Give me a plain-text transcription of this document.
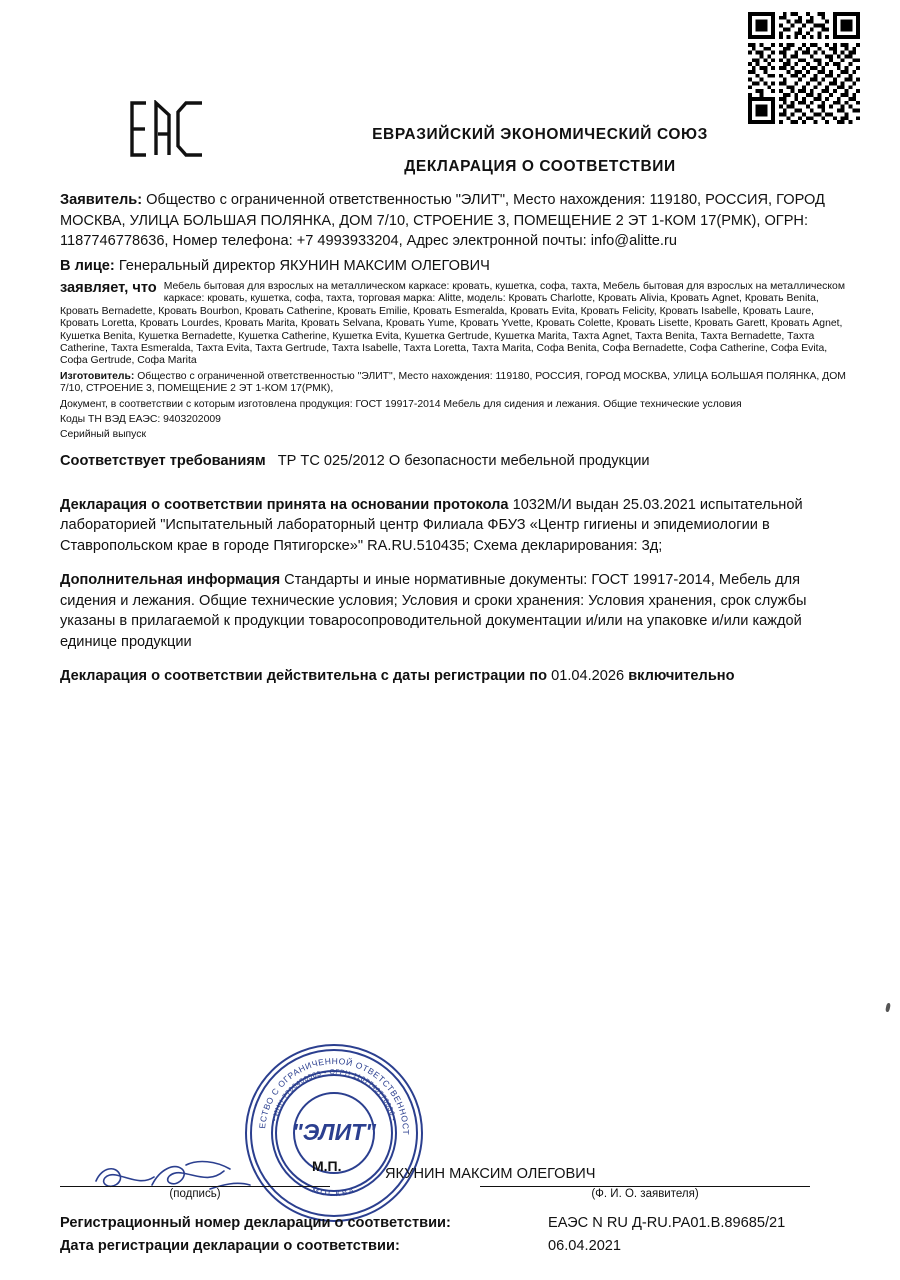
ЕВРАЗИЙСКИЙ ЭКОНОМИЧЕСКИЙ СОЮЗ
ДЕКЛАРАЦИЯ О СООТВЕТСТВИИ

Заявитель: Общество с ограниченной ответственностью "ЭЛИТ", Место нахождения: 119180, РОССИЯ, ГОРОД МОСКВА, УЛИЦА БОЛЬШАЯ ПОЛЯНКА, ДОМ 7/10, СТРОЕНИЕ 3, ПОМЕЩЕНИЕ 2 ЭТ 1-КОМ 17(РМК), ОГРН: 1187746778636, Номер телефона: +7 4993933204, Адрес электронной почты: info@alitte.ru

В лице: Генеральный директор ЯКУНИН МАКСИМ ОЛЕГОВИЧ

заявляет, что Мебель бытовая для взрослых на металлическом каркасе: кровать, кушетка, софа, тахта, Мебель бытовая для взрослых на металлическом каркасе: кровать, кушетка, софа, тахта, торговая марка: Alitte, модель: Кровать Charlotte, Кровать Alivia, Кровать Agnet, Кровать Benita, Кровать Bernadette, Кровать Bourbon, Кровать Catherine, Кровать Emilie, Кровать Esmeralda, Кровать Evita, Кровать Felicity, Кровать Isabelle, Кровать Laure, Кровать Loretta, Кровать Lourdes, Кровать Marita, Кровать Selvana, Кровать Yume, Кровать Yvette, Кровать Colette, Кровать Lisette, Кровать Garett, Кровать Agnet, Кушетка Benita, Кушетка Bernadette, Кушетка Catherine, Кушетка Evita, Кушетка Gertrude, Кушетка Marita, Тахта Agnet, Тахта Benita, Тахта Bernadette, Тахта Catherine, Тахта Esmeralda, Тахта Evita, Тахта Gertrude, Тахта Isabelle, Тахта Loretta, Тахта Marita, Софа Benita, Софа Bernadette, Софа Catherine, Софа Evita, Софа Gertrude, Софа Marita

Изготовитель: Общество с ограниченной ответственностью "ЭЛИТ", Место нахождения: 119180, РОССИЯ, ГОРОД МОСКВА, УЛИЦА БОЛЬШАЯ ПОЛЯНКА, ДОМ 7/10, СТРОЕНИЕ 3, ПОМЕЩЕНИЕ 2 ЭТ 1-КОМ 17(РМК),

Документ, в соответствии с которым изготовлена продукция: ГОСТ 19917-2014 Мебель для сидения и лежания. Общие технические условия

Коды ТН ВЭД ЕАЭС: 9403202009

Серийный выпуск

Соответствует требованиям ТР ТС 025/2012 О безопасности мебельной продукции
Декларация о соответствии принята на основании протокола 1032М/И выдан 25.03.2021 испытательной лабораторией "Испытательный лабораторный центр Филиала ФБУЗ «Центр гигиены и эпидемиологии в Ставропольском крае в городе Пятигорске»" RA.RU.510435; Схема декларирования: 3д;
Дополнительная информация Стандарты и иные нормативные документы: ГОСТ 19917-2014, Мебель для сидения и лежания. Общие технические условия; Условия и сроки хранения: Условия хранения, срок службы указаны в прилагаемой к продукции товаросопроводительной документации и/или на упаковке и/или каждой единице продукции
Декларация о соответствии действительна с даты регистрации по 01.04.2026 включительно
ЕСТВО С ОГРАНИЧЕННОЙ ОТВЕТСТВЕННОСТ
• ИНН 7706458583 • ОГРН 1187746778636 •
МОСКВА
"ЭЛИТ"
М.П.	ЯКУНИН МАКСИМ ОЛЕГОВИЧ
(подпись)	(Ф. И. О. заявителя)
Регистрационный номер декларации о соответствии:	ЕАЭС N RU Д-RU.РА01.В.89685/21
Дата регистрации декларации о соответствии:	06.04.2021
